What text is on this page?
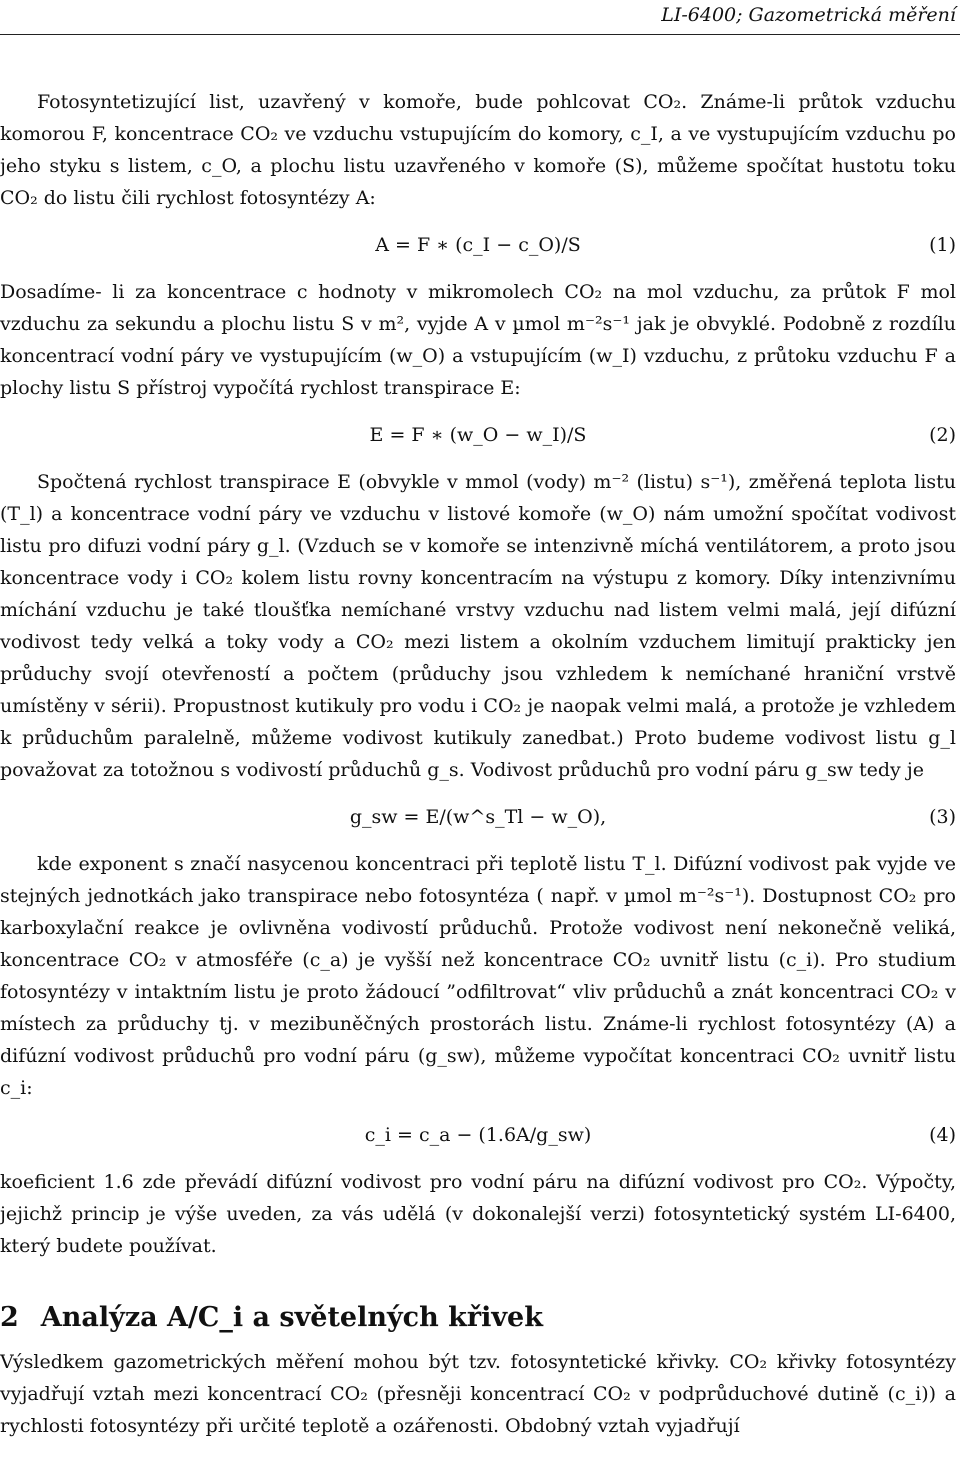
LI-6400; Gazometrická měření

Fotosyntetizující list, uzavřený v komoře, bude pohlcovat CO₂. Známe-li průtok vzduchu komorou F, koncentrace CO₂ ve vzduchu vstupujícím do komory, c_I, a ve vystupujícím vzduchu po jeho styku s listem, c_O, a plochu listu uzavřeného v komoře (S), můžeme spočítat hustotu toku CO₂ do listu čili rychlost fotosyntézy A:

A = F ∗ (c_I − c_O)/S	(1)

Dosadíme- li za koncentrace c hodnoty v mikromolech CO₂ na mol vzduchu, za průtok F mol vzduchu za sekundu a plochu listu S v m², vyjde A v µmol m⁻²s⁻¹ jak je obvyklé. Podobně z rozdílu koncentrací vodní páry ve vystupujícím (w_O) a vstupujícím (w_I) vzduchu, z průtoku vzduchu F a plochy listu S přístroj vypočítá rychlost transpirace E:

E = F ∗ (w_O − w_I)/S	(2)

Spočtená rychlost transpirace E (obvykle v mmol (vody) m⁻² (listu) s⁻¹), změřená teplota listu (T_l) a koncentrace vodní páry ve vzduchu v listové komoře (w_O) nám umožní spočítat vodivost listu pro difuzi vodní páry g_l. (Vzduch se v komoře se intenzivně míchá ventilátorem, a proto jsou koncentrace vody i CO₂ kolem listu rovny koncentracím na výstupu z komory. Díky intenzivnímu míchání vzduchu je také tloušťka nemíchané vrstvy vzduchu nad listem velmi malá, její difúzní vodivost tedy velká a toky vody a CO₂ mezi listem a okolním vzduchem limitují prakticky jen průduchy svojí otevřeností a počtem (průduchy jsou vzhledem k nemíchané hraniční vrstvě umístěny v sérii). Propustnost kutikuly pro vodu i CO₂ je naopak velmi malá, a protože je vzhledem k průduchům paralelně, můžeme vodivost kutikuly zanedbat.) Proto budeme vodivost listu g_l považovat za totožnou s vodivostí průduchů g_s. Vodivost průduchů pro vodní páru g_sw tedy je

g_sw = E/(w^s_Tl − w_O),	(3)

kde exponent s značí nasycenou koncentraci při teplotě listu T_l. Difúzní vodivost pak vyjde ve stejných jednotkách jako transpirace nebo fotosyntéza ( např. v µmol m⁻²s⁻¹). Dostupnost CO₂ pro karboxylační reakce je ovlivněna vodivostí průduchů. Protože vodivost není nekonečně veliká, koncentrace CO₂ v atmosféře (c_a) je vyšší než koncentrace CO₂ uvnitř listu (c_i). Pro studium fotosyntézy v intaktním listu je proto žádoucí ”odfiltrovat“ vliv průduchů a znát koncentraci CO₂ v místech za průduchy tj. v mezibuněčných prostorách listu. Známe-li rychlost fotosyntézy (A) a difúzní vodivost průduchů pro vodní páru (g_sw), můžeme vypočítat koncentraci CO₂ uvnitř listu c_i:

c_i = c_a − (1.6A/g_sw)	(4)

koeficient 1.6 zde převádí difúzní vodivost pro vodní páru na difúzní vodivost pro CO₂. Výpočty, jejichž princip je výše uveden, za vás udělá (v dokonalejší verzi) fotosyntetický systém LI-6400, který budete používat.

2 Analýza A/C_i a světelných křivek

Výsledkem gazometrických měření mohou být tzv. fotosyntetické křivky. CO₂ křivky fotosyntézy vyjadřují vztah mezi koncentrací CO₂ (přesněji koncentrací CO₂ v podprůduchové dutině (c_i)) a rychlosti fotosyntézy při určité teplotě a ozářenosti. Obdobný vztah vyjadřují
